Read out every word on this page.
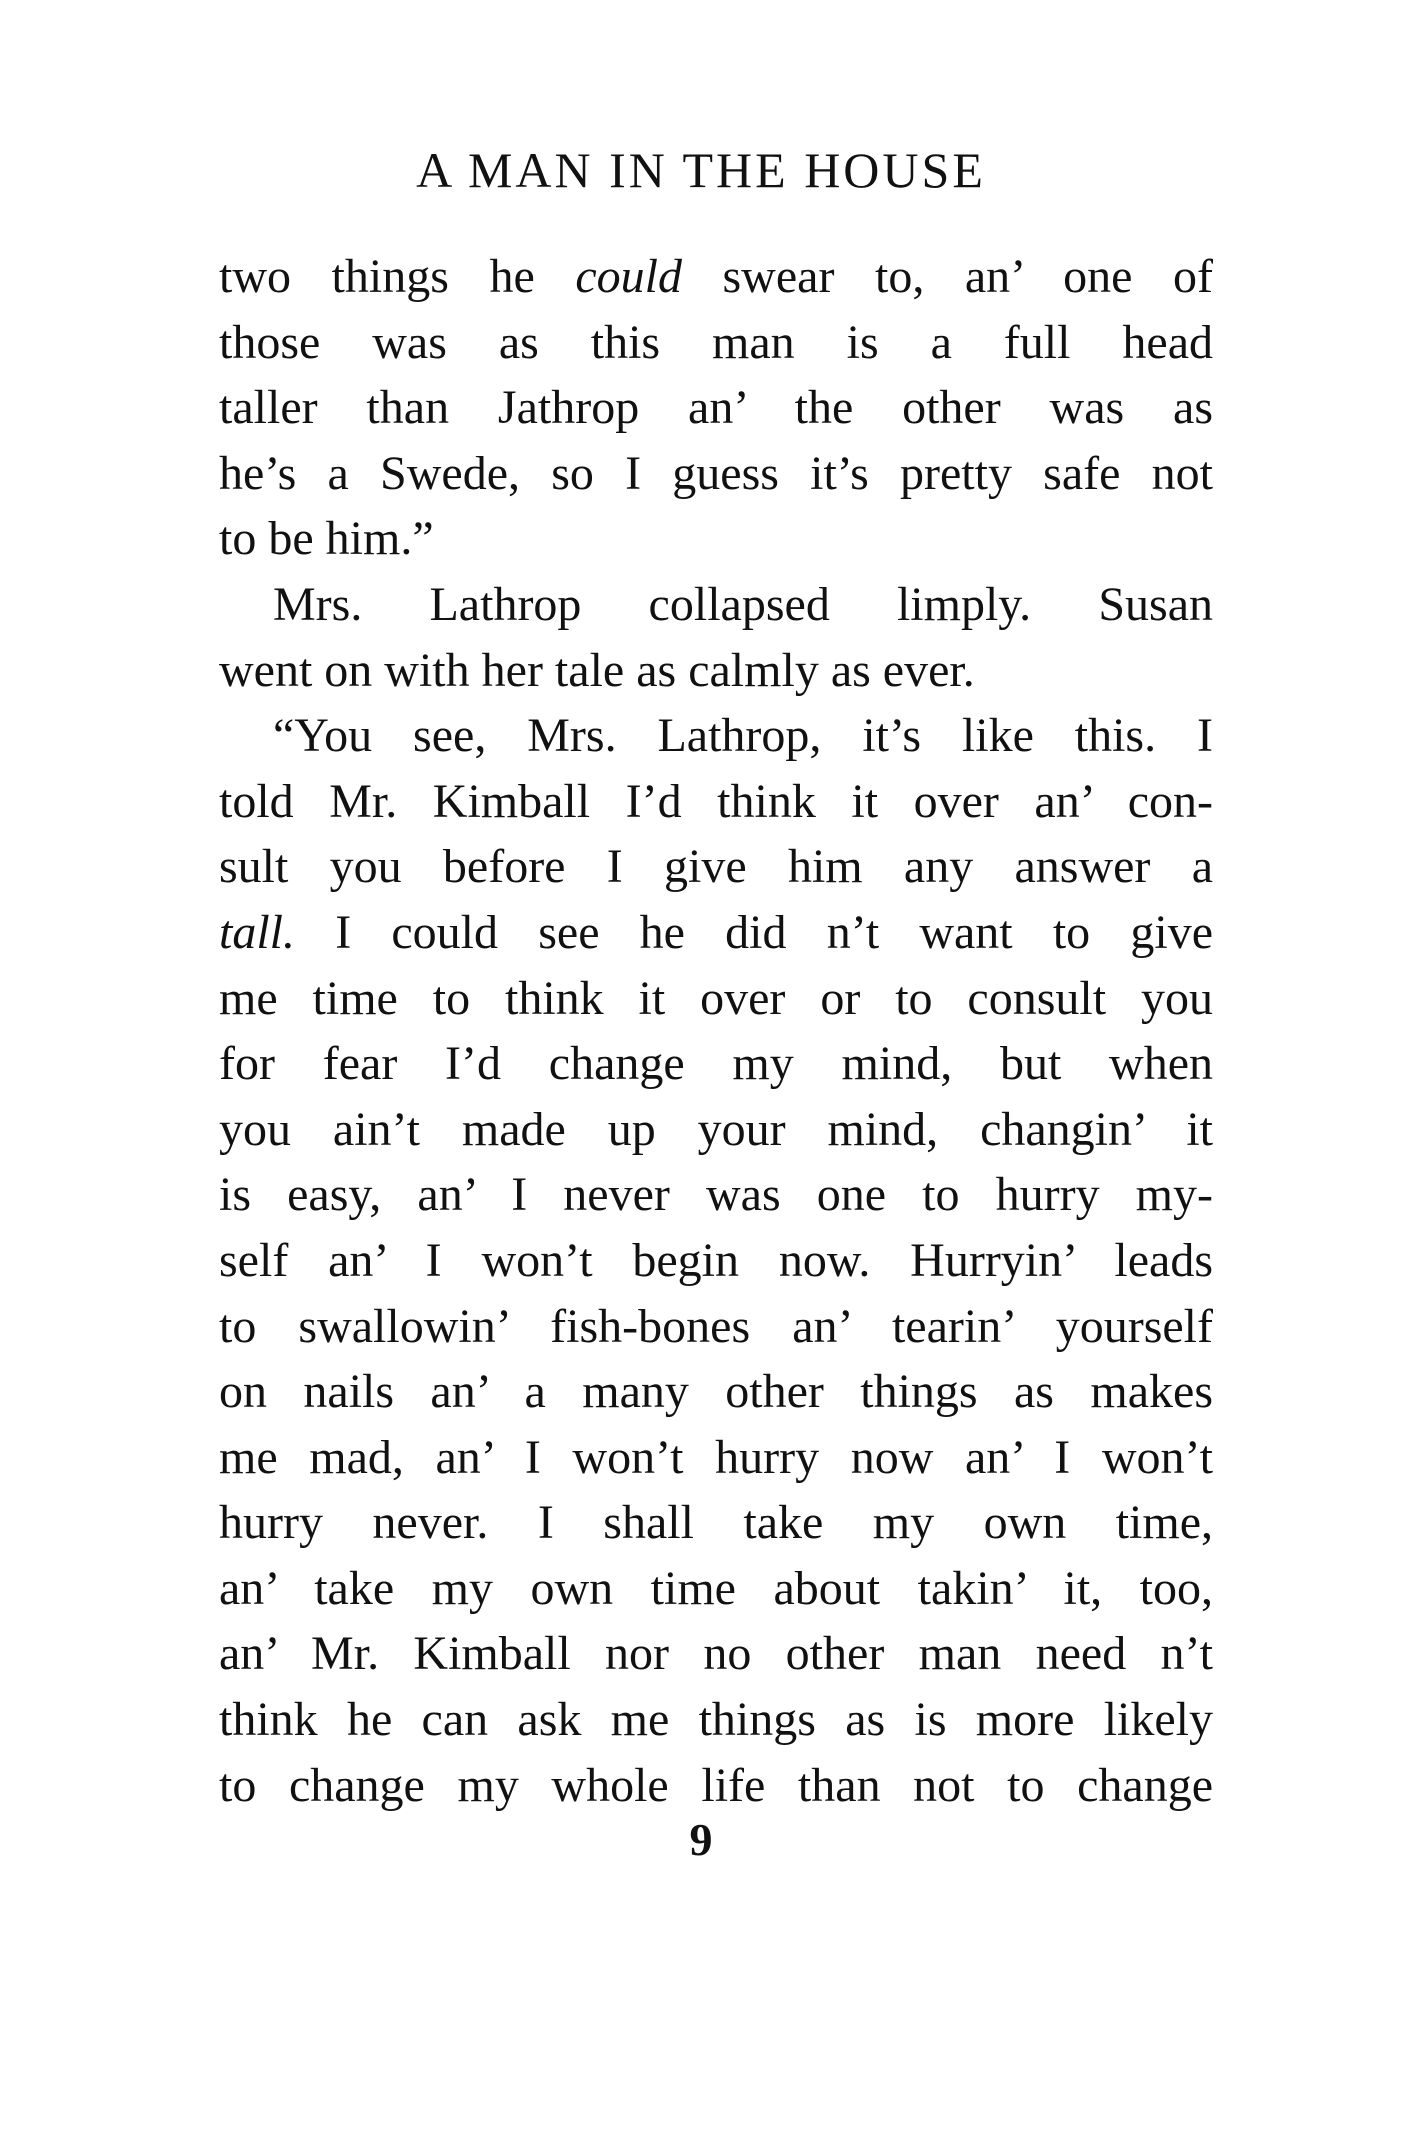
A MAN IN THE HOUSE
two things he could swear to, an’ one of
those was as this man is a full head
taller than Jathrop an’ the other was as
he’s a Swede, so I guess it’s pretty safe not
to be him.”
Mrs. Lathrop collapsed limply. Susan
went on with her tale as calmly as ever.
“You see, Mrs. Lathrop, it’s like this. I
told Mr. Kimball I’d think it over an’ con-
sult you before I give him any answer a
tall. I could see he did n’t want to give
me time to think it over or to consult you
for fear I’d change my mind, but when
you ain’t made up your mind, changin’ it
is easy, an’ I never was one to hurry my-
self an’ I won’t begin now. Hurryin’ leads
to swallowin’ fish-bones an’ tearin’ yourself
on nails an’ a many other things as makes
me mad, an’ I won’t hurry now an’ I won’t
hurry never. I shall take my own time,
an’ take my own time about takin’ it, too,
an’ Mr. Kimball nor no other man need n’t
think he can ask me things as is more likely
to change my whole life than not to change
9
